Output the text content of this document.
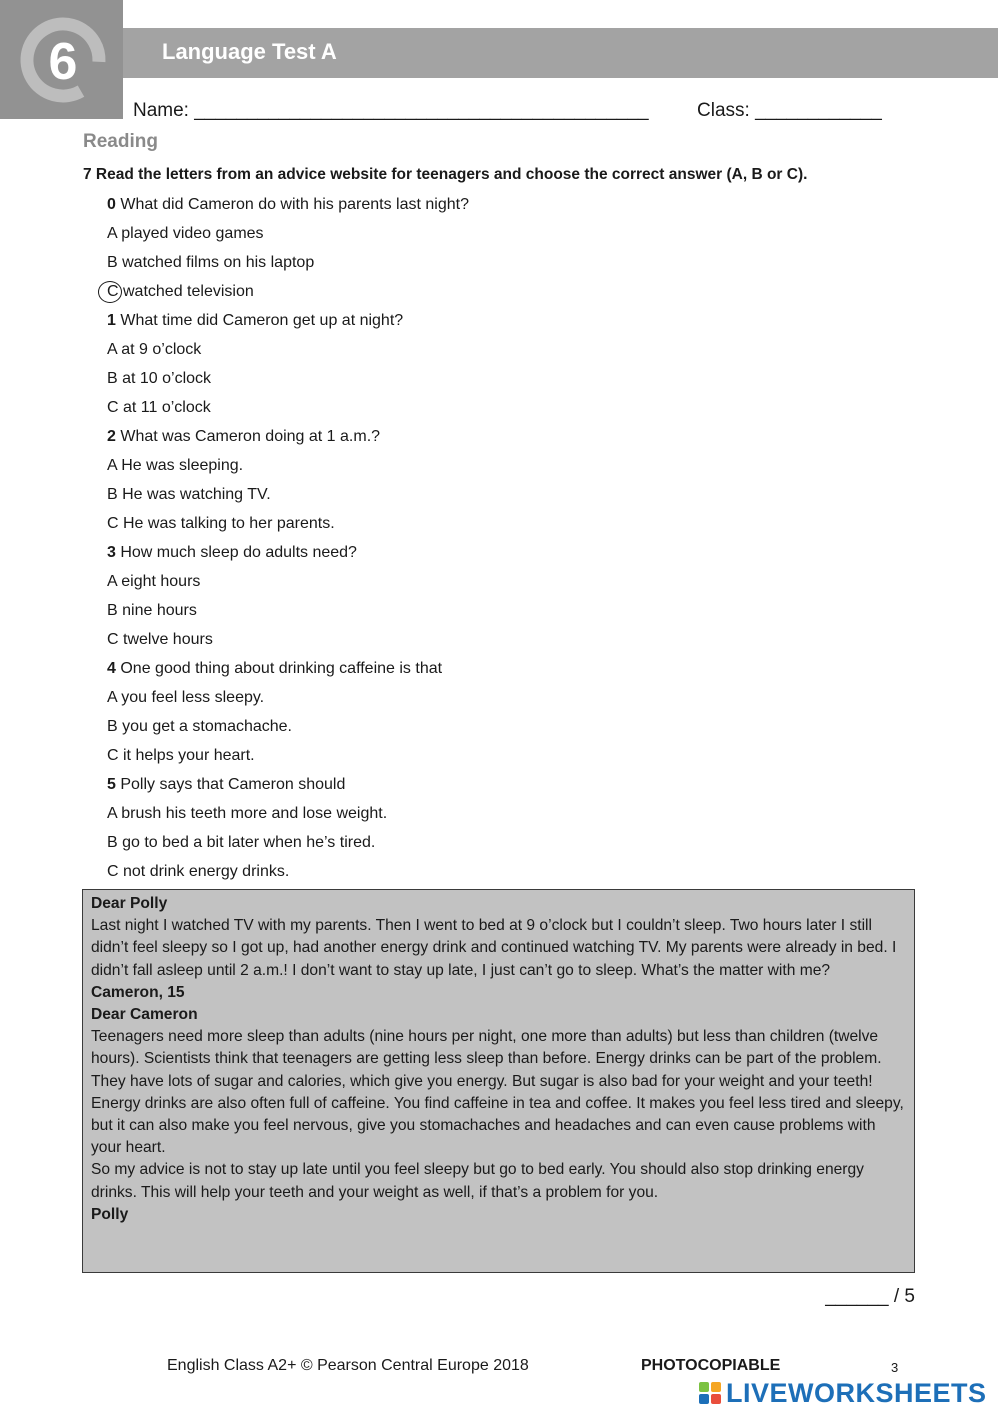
6	Language Test A
Name: ___________________________________________	Class: ____________
Reading
7 Read the letters from an advice website for teenagers and choose the correct answer (A, B or C).
0 What did Cameron do with his parents last night?
A played video games
B watched films on his laptop
C watched television
1 What time did Cameron get up at night?
A at 9 o’clock
B at 10 o’clock
C at 11 o’clock
2 What was Cameron doing at 1 a.m.?
A He was sleeping.
B He was watching TV.
C He was talking to her parents.
3 How much sleep do adults need?
A eight hours
B nine hours
C twelve hours
4 One good thing about drinking caffeine is that
A you feel less sleepy.
B you get a stomachache.
C it helps your heart.
5 Polly says that Cameron should
A brush his teeth more and lose weight.
B go to bed a bit later when he’s tired.
C not drink energy drinks.

Dear Polly

Last night I watched TV with my parents. Then I went to bed at 9 o’clock but I couldn’t sleep. Two hours later I still didn’t feel sleepy so I got up, had another energy drink and continued watching TV. My parents were already in bed. I didn’t fall asleep until 2 a.m.! I don’t want to stay up late, I just can’t go to sleep. What’s the matter with me?

Cameron, 15

Dear Cameron

Teenagers need more sleep than adults (nine hours per night, one more than adults) but less than children (twelve hours). Scientists think that teenagers are getting less sleep than before. Energy drinks can be part of the problem. They have lots of sugar and calories, which give you energy. But sugar is also bad for your weight and your teeth!

Energy drinks are also often full of caffeine. You find caffeine in tea and coffee. It makes you feel less tired and sleepy, but it can also make you feel nervous, give you stomachaches and headaches and can even cause problems with your heart.

So my advice is not to stay up late until you feel sleepy but go to bed early. You should also stop drinking energy drinks. This will help your teeth and your weight as well, if that’s a problem for you.

Polly

______ / 5
English Class A2+ © Pearson Central Europe 2018	PHOTOCOPIABLE	3
LIVEWORKSHEETS
